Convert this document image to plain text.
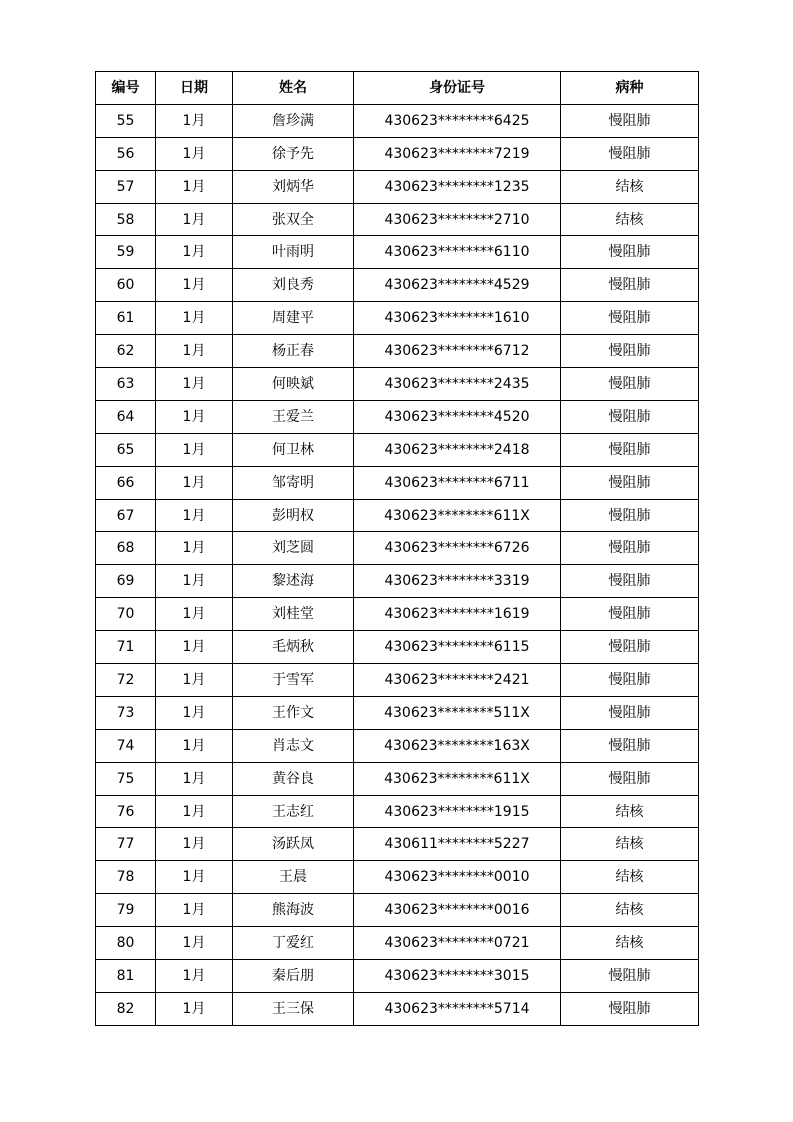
编号	日期	姓名	身份证号	病种
55	1月	詹珍满	430623********6425	慢阻肺
56	1月	徐予先	430623********7219	慢阻肺
57	1月	刘炳华	430623********1235	结核
58	1月	张双全	430623********2710	结核
59	1月	叶雨明	430623********6110	慢阻肺
60	1月	刘良秀	430623********4529	慢阻肺
61	1月	周建平	430623********1610	慢阻肺
62	1月	杨正春	430623********6712	慢阻肺
63	1月	何映斌	430623********2435	慢阻肺
64	1月	王爱兰	430623********4520	慢阻肺
65	1月	何卫林	430623********2418	慢阻肺
66	1月	邹寄明	430623********6711	慢阻肺
67	1月	彭明权	430623********611X	慢阻肺
68	1月	刘芝圆	430623********6726	慢阻肺
69	1月	黎述海	430623********3319	慢阻肺
70	1月	刘桂堂	430623********1619	慢阻肺
71	1月	毛炳秋	430623********6115	慢阻肺
72	1月	于雪军	430623********2421	慢阻肺
73	1月	王作文	430623********511X	慢阻肺
74	1月	肖志文	430623********163X	慢阻肺
75	1月	黄谷良	430623********611X	慢阻肺
76	1月	王志红	430623********1915	结核
77	1月	汤跃凤	430611********5227	结核
78	1月	王晨	430623********0010	结核
79	1月	熊海波	430623********0016	结核
80	1月	丁爱红	430623********0721	结核
81	1月	秦后朋	430623********3015	慢阻肺
82	1月	王三保	430623********5714	慢阻肺
